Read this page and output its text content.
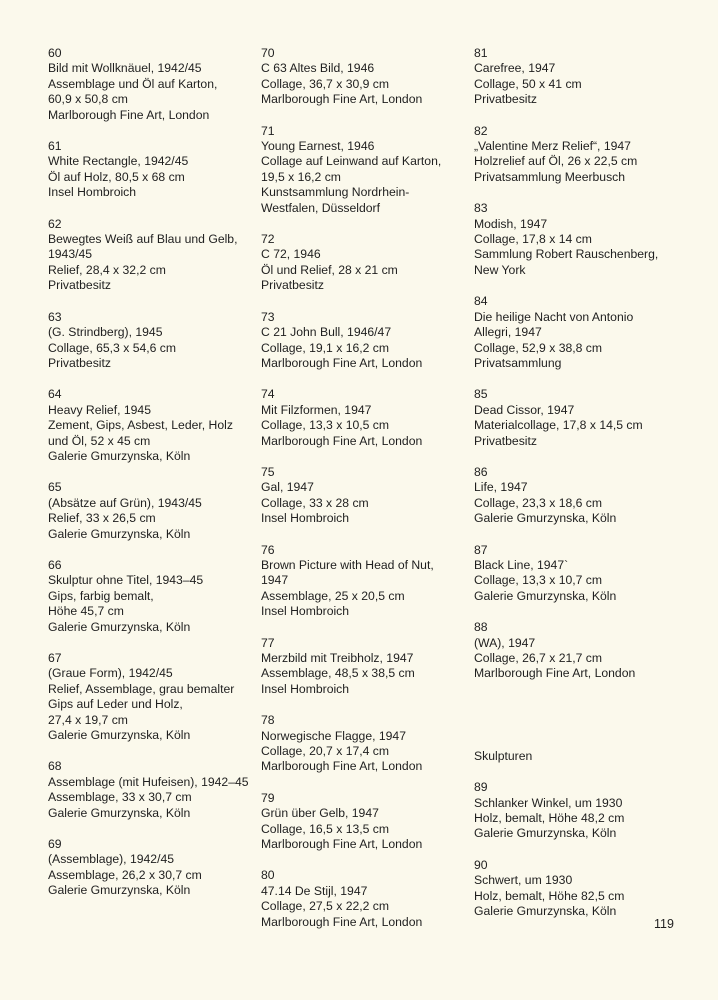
60
Bild mit Wollknäuel, 1942/45
Assemblage und Öl auf Karton,
60,9 x 50,8 cm
Marlborough Fine Art, London
61
White Rectangle, 1942/45
Öl auf Holz, 80,5 x 68 cm
Insel Hombroich
62
Bewegtes Weiß auf Blau und Gelb,
1943/45
Relief, 28,4 x 32,2 cm
Privatbesitz
63
(G. Strindberg), 1945
Collage, 65,3 x 54,6 cm
Privatbesitz
64
Heavy Relief, 1945
Zement, Gips, Asbest, Leder, Holz
und Öl, 52 x 45 cm
Galerie Gmurzynska, Köln
65
(Absätze auf Grün), 1943/45
Relief, 33 x 26,5 cm
Galerie Gmurzynska, Köln
66
Skulptur ohne Titel, 1943–45
Gips, farbig bemalt,
Höhe 45,7 cm
Galerie Gmurzynska, Köln
67
(Graue Form), 1942/45
Relief, Assemblage, grau bemalter
Gips auf Leder und Holz,
27,4 x 19,7 cm
Galerie Gmurzynska, Köln
68
Assemblage (mit Hufeisen), 1942–45
Assemblage, 33 x 30,7 cm
Galerie Gmurzynska, Köln
69
(Assemblage), 1942/45
Assemblage, 26,2 x 30,7 cm
Galerie Gmurzynska, Köln
70
C 63 Altes Bild, 1946
Collage, 36,7 x 30,9 cm
Marlborough Fine Art, London
71
Young Earnest, 1946
Collage auf Leinwand auf Karton,
19,5 x 16,2 cm
Kunstsammlung Nordrhein-
Westfalen, Düsseldorf
72
C 72, 1946
Öl und Relief, 28 x 21 cm
Privatbesitz
73
C 21 John Bull, 1946/47
Collage, 19,1 x 16,2 cm
Marlborough Fine Art, London
74
Mit Filzformen, 1947
Collage, 13,3 x 10,5 cm
Marlborough Fine Art, London
75
Gal, 1947
Collage, 33 x 28 cm
Insel Hombroich
76
Brown Picture with Head of Nut,
1947
Assemblage, 25 x 20,5 cm
Insel Hombroich
77
Merzbild mit Treibholz, 1947
Assemblage, 48,5 x 38,5 cm
Insel Hombroich
78
Norwegische Flagge, 1947
Collage, 20,7 x 17,4 cm
Marlborough Fine Art, London
79
Grün über Gelb, 1947
Collage, 16,5 x 13,5 cm
Marlborough Fine Art, London
80
47.14 De Stijl, 1947
Collage, 27,5 x 22,2 cm
Marlborough Fine Art, London
81
Carefree, 1947
Collage, 50 x 41 cm
Privatbesitz
82
„Valentine Merz Relief“, 1947
Holzrelief auf Öl, 26 x 22,5 cm
Privatsammlung Meerbusch
83
Modish, 1947
Collage, 17,8 x 14 cm
Sammlung Robert Rauschenberg,
New York
84
Die heilige Nacht von Antonio
Allegri, 1947
Collage, 52,9 x 38,8 cm
Privatsammlung
85
Dead Cissor, 1947
Materialcollage, 17,8 x 14,5 cm
Privatbesitz
86
Life, 1947
Collage, 23,3 x 18,6 cm
Galerie Gmurzynska, Köln
87
Black Line, 1947`
Collage, 13,3 x 10,7 cm
Galerie Gmurzynska, Köln
88
(WA), 1947
Collage, 26,7 x 21,7 cm
Marlborough Fine Art, London
Skulpturen
89
Schlanker Winkel, um 1930
Holz, bemalt, Höhe 48,2 cm
Galerie Gmurzynska, Köln
90
Schwert, um 1930
Holz, bemalt, Höhe 82,5 cm
Galerie Gmurzynska, Köln
119
